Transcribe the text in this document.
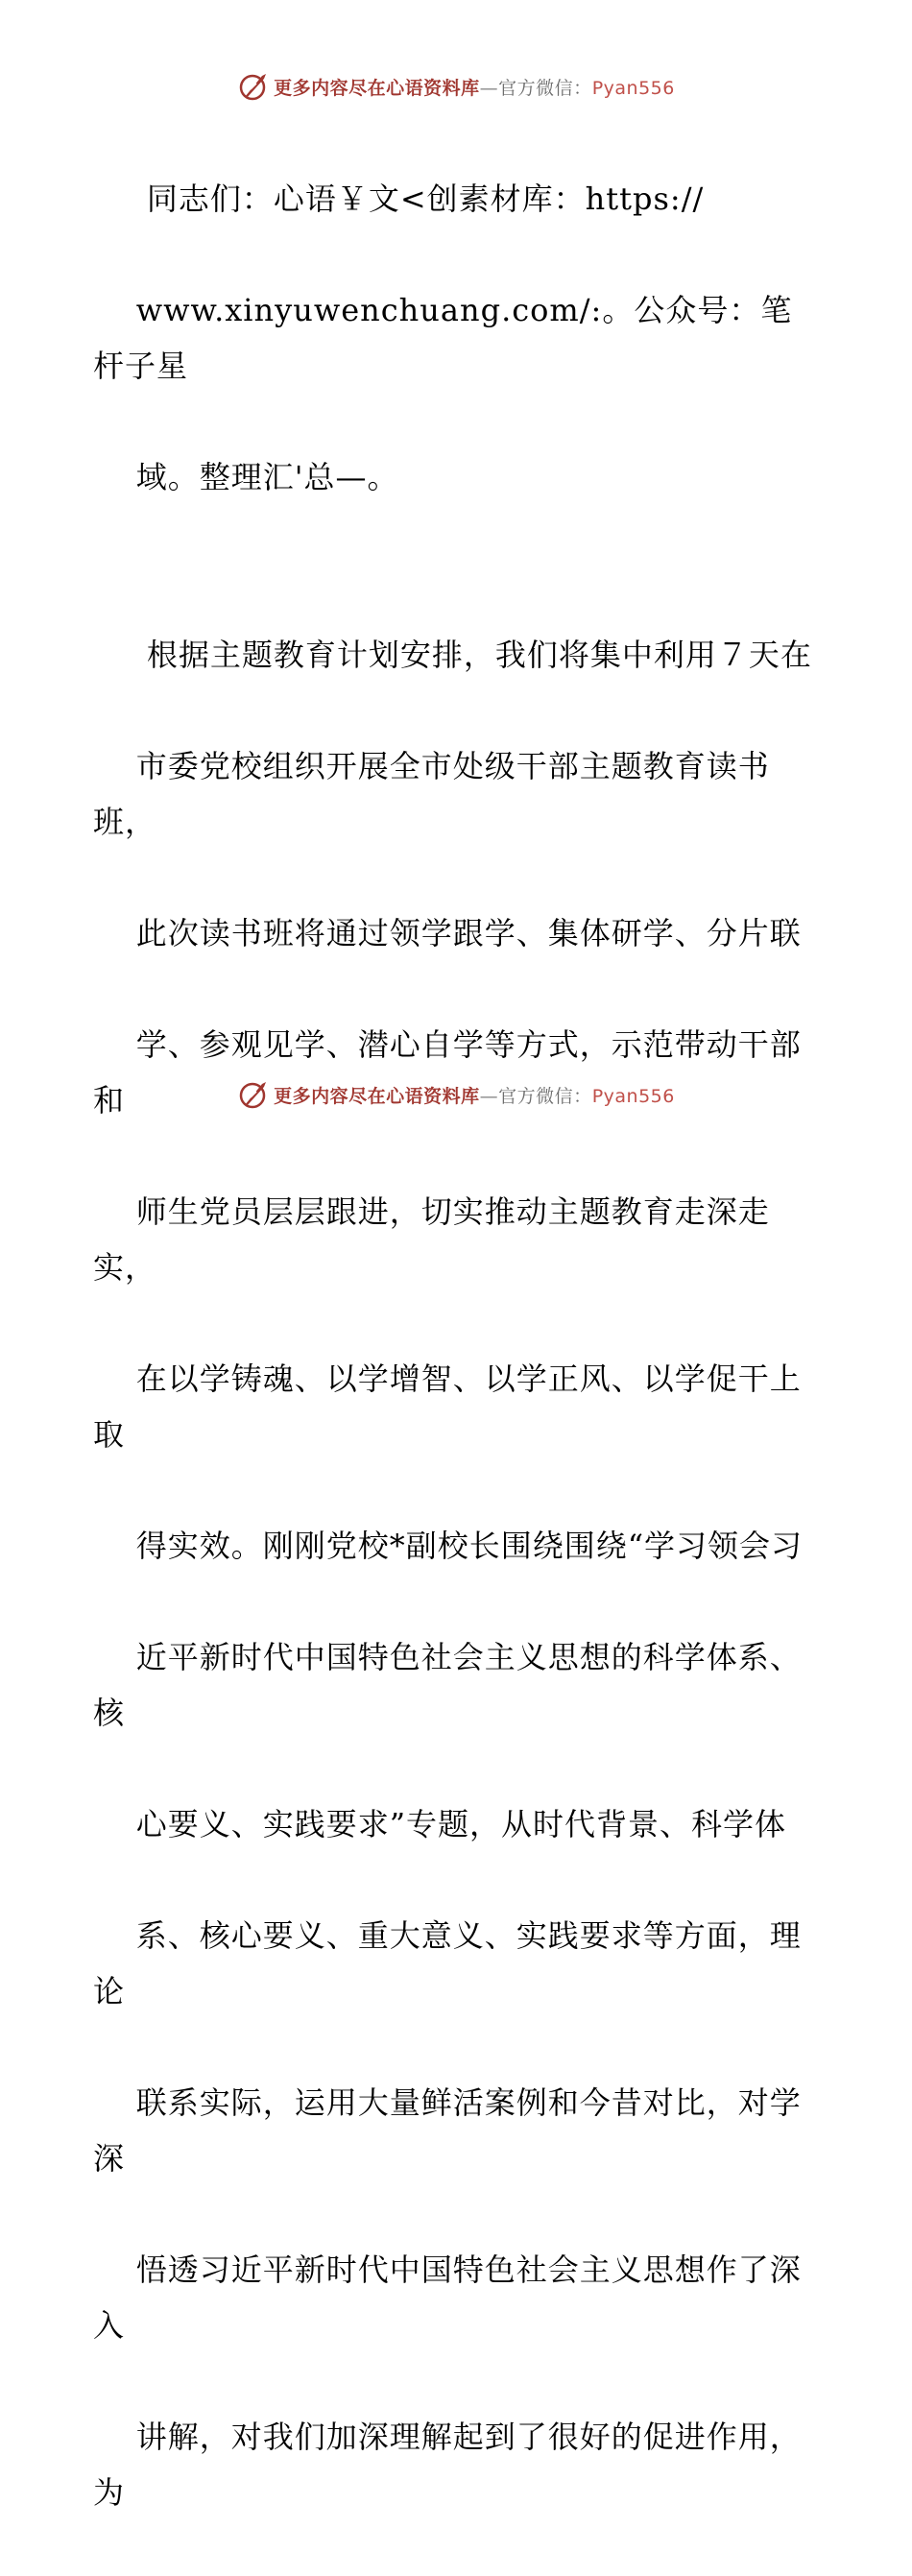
更多内容尽在心语资料库—官方微信：Pyan556

同志们：心语￥文<创素材库：https://

www.xinyuwenchuang.com/:。公众号：笔杆子星

域。整理汇'总—。

根据主题教育计划安排，我们将集中利用７天在

市委党校组织开展全市处级干部主题教育读书班，

此次读书班将通过领学跟学、集体研学、分片联

学、参观见学、潜心自学等方式，示范带动干部和

师生党员层层跟进，切实推动主题教育走深走实，

在以学铸魂、以学增智、以学正风、以学促干上取

得实效。刚刚党校*副校长围绕围绕“学习领会习

近平新时代中国特色社会主义思想的科学体系、核

心要义、实践要求”专题，从时代背景、科学体

系、核心要义、重大意义、实践要求等方面，理论

联系实际，运用大量鲜活案例和今昔对比，对学深

悟透习近平新时代中国特色社会主义思想作了深入

讲解，对我们加深理解起到了很好的促进作用，为

更多内容尽在心语资料库—官方微信：Pyan556
